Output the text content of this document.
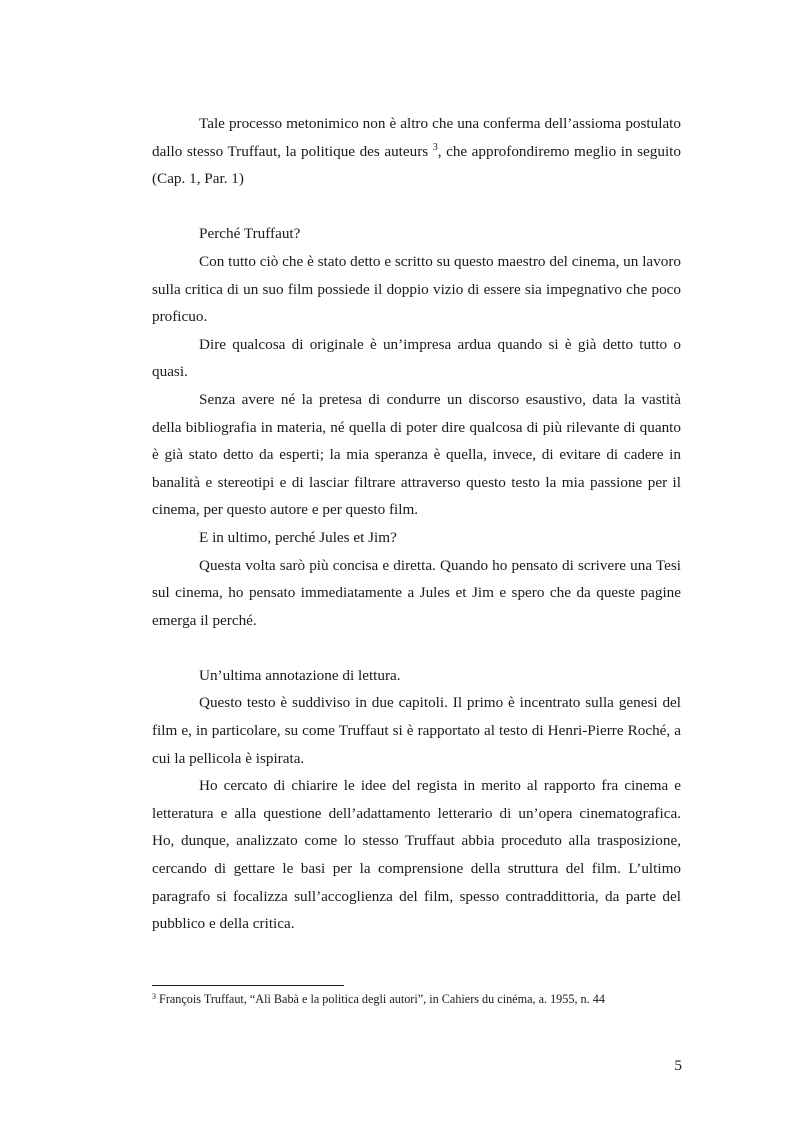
Tale processo metonimico non è altro che una conferma dell’assioma postulato dallo stesso Truffaut, la politique des auteurs $^3$, che approfondiremo meglio in seguito (Cap. 1, Par. 1)

Perché Truffaut?

Con tutto ciò che è stato detto e scritto su questo maestro del cinema, un lavoro sulla critica di un suo film possiede il doppio vizio di essere sia impegnativo che poco proficuo.

Dire qualcosa di originale è un’impresa ardua quando si è già detto tutto o quasi.

Senza avere né la pretesa di condurre un discorso esaustivo, data la vastità della bibliografia in materia, né quella di poter dire qualcosa di più rilevante di quanto è già stato detto da esperti; la mia speranza è quella, invece, di evitare di cadere in banalità e stereotipi e di lasciar filtrare attraverso questo testo la mia passione per il cinema, per questo autore e per questo film.

E in ultimo, perché Jules et Jim?

Questa volta sarò più concisa e diretta. Quando ho pensato di scrivere una Tesi sul cinema, ho pensato immediatamente a Jules et Jim e spero che da queste pagine emerga il perché.

Un’ultima annotazione di lettura.

Questo testo è suddiviso in due capitoli. Il primo è incentrato sulla genesi del film e, in particolare, su come Truffaut si è rapportato al testo di Henri-Pierre Roché, a cui la pellicola è ispirata.

Ho cercato di chiarire le idee del regista in merito al rapporto fra cinema e letteratura e alla questione dell’adattamento letterario di un’opera cinematografica. Ho, dunque, analizzato come lo stesso Truffaut abbia proceduto alla trasposizione, cercando di gettare le basi per la comprensione della struttura del film. L’ultimo paragrafo si focalizza sull’accoglienza del film, spesso contraddittoria, da parte del pubblico e della critica.

$^3$ François Truffaut, “Alì Babà e la politica degli autori”, in Cahiers du cinéma, a. 1955, n. 44
5
